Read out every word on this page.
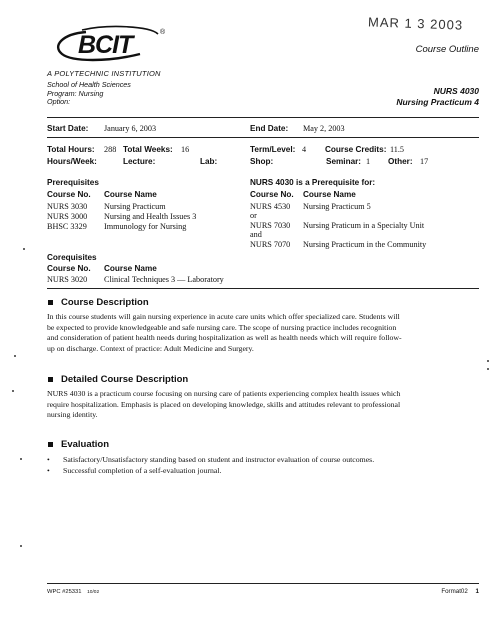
MAR 1 3 2003
BCIT	®
Course Outline
A POLYTECHNIC INSTITUTION
School of Health Sciences
Program: Nursing
Option:
NURS 4030
Nursing Practicum 4
Start Date: January 6, 2003	End Date: May 2, 2003
Total Hours: 288 Total Weeks: 16	Term/Level: 4 Course Credits: 11.5
Hours/Week:	Lecture:	Lab:	Shop:	Seminar: 1 Other: 17
Prerequisites
Course No. Course Name
NURS 3030 Nursing Practicum
NURS 3000 Nursing and Health Issues 3
BHSC 3329 Immunology for Nursing
NURS 4030 is a Prerequisite for:
Course No. Course Name
NURS 4530 Nursing Practicum 5
or
NURS 7030 Nursing Praticum in a Specialty Unit
and
NURS 7070 Nursing Practicum in the Community
Corequisites
Course No. Course Name
NURS 3020 Clinical Techniques 3 — Laboratory
Course Description
In this course students will gain nursing experience in acute care units which offer specialized care. Students will
be expected to provide knowledgeable and safe nursing care. The scope of nursing practice includes recognition
and consideration of patient health needs during hospitalization as well as health needs which will require follow-
up on discharge. Context of practice: Adult Medicine and Surgery.
Detailed Course Description
NURS 4030 is a practicum course focusing on nursing care of patients experiencing complex health issues which
require hospitalization. Emphasis is placed on developing knowledge, skills and attitudes relevant to professional
nursing identity.
Evaluation
• Satisfactory/Unsatisfactory standing based on student and instructor evaluation of course outcomes.
• Successful completion of a self-evaluation journal.
WPC #25331 10/02	Format02 1
